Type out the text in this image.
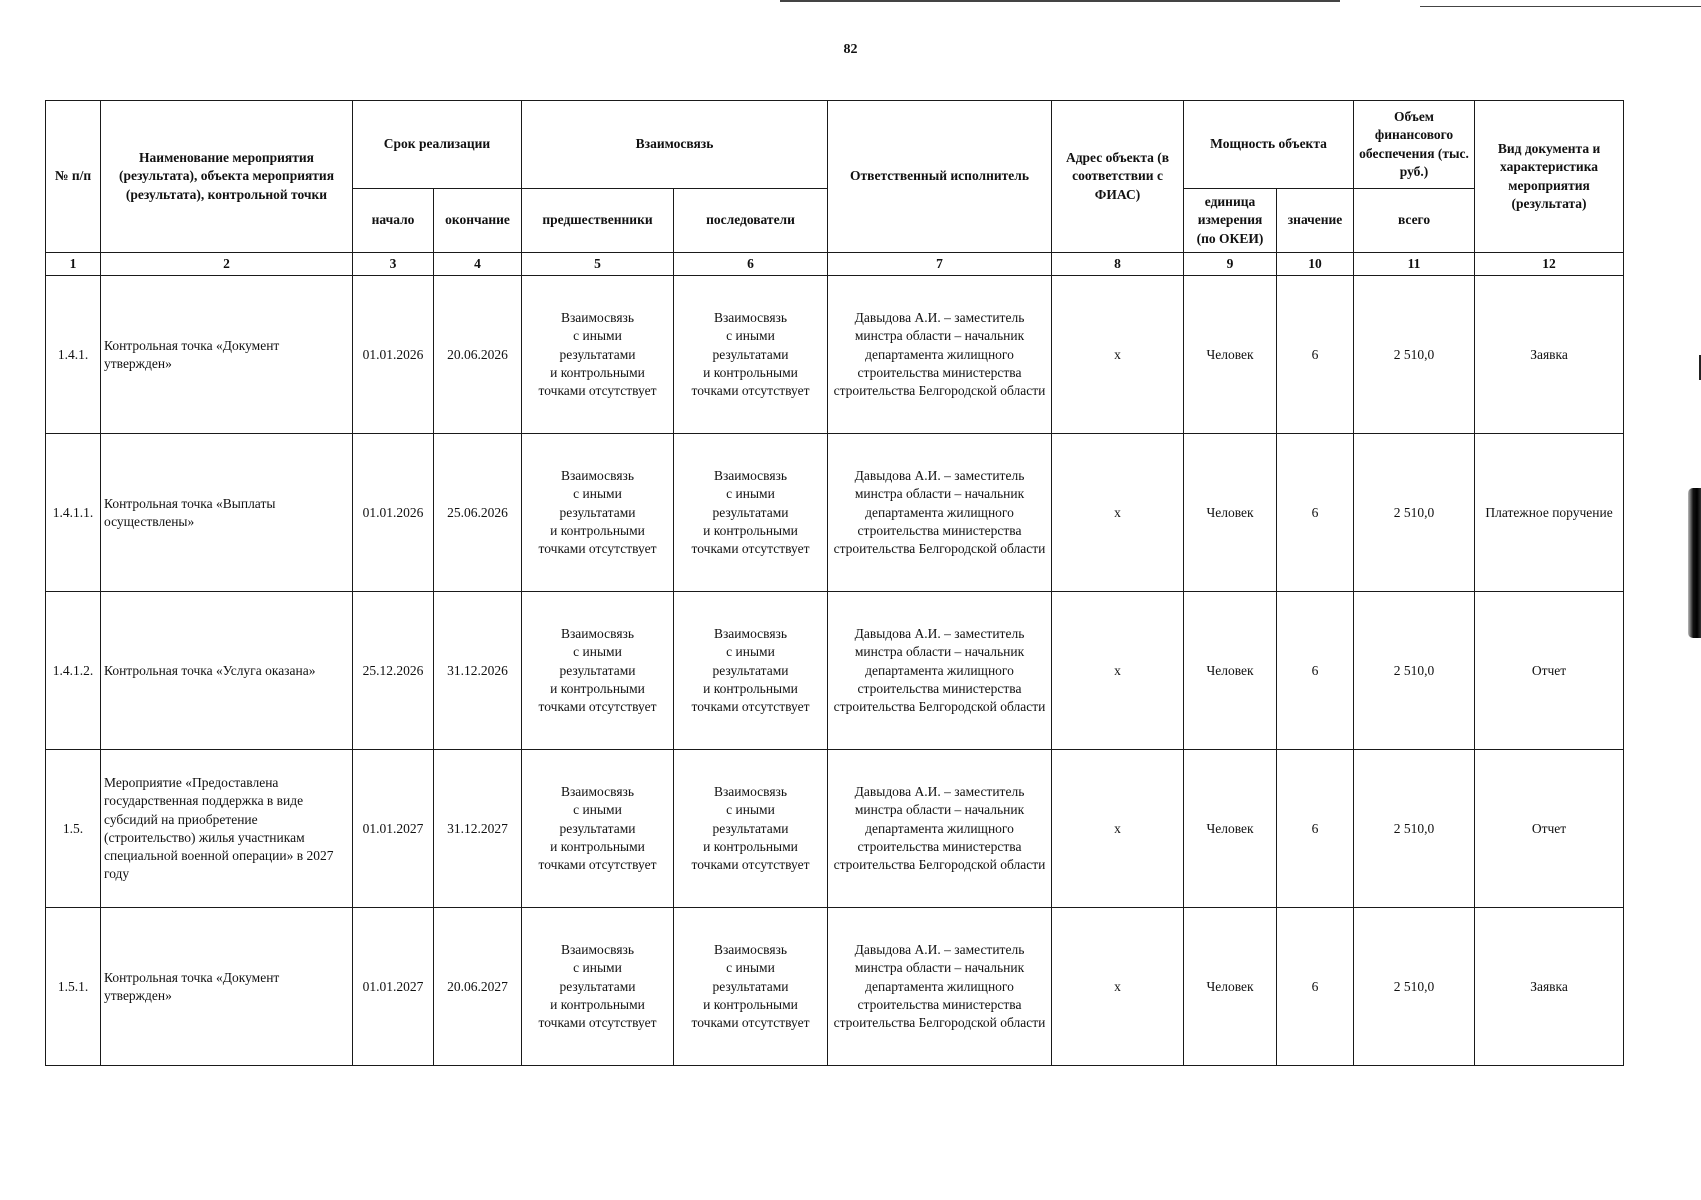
82
№ п/п	Наименование мероприятия (результата), объекта мероприятия (результата), контрольной точки	Срок реализации		Взаимосвязь		Ответственный исполнитель	Адрес объекта (в соответствии с ФИАС)	Мощность объекта		Объем финансового обеспечения (тыс. руб.)	Вид документа и характеристика мероприятия (результата)
		начало	окончание	предшественники	последователи			единица измерения (по ОКЕИ)	значение	всего	
1	2	3	4	5	6	7	8	9	10	11	12
1.4.1.	Контрольная точка «Документ утвержден»	01.01.2026	20.06.2026	Взаимосвязь
с иными
результатами
и контрольными
точками отсутствует	Взаимосвязь
с иными
результатами
и контрольными
точками отсутствует	Давыдова А.И. – заместитель минстра области – начальник департамента жилищного строительства министерства строительства Белгородской области	х	Человек	6	2 510,0	Заявка
1.4.1.1.	Контрольная точка «Выплаты осуществлены»	01.01.2026	25.06.2026	Взаимосвязь
с иными
результатами
и контрольными
точками отсутствует	Взаимосвязь
с иными
результатами
и контрольными
точками отсутствует	Давыдова А.И. – заместитель минстра области – начальник департамента жилищного строительства министерства строительства Белгородской области	х	Человек	6	2 510,0	Платежное поручение
1.4.1.2.	Контрольная точка «Услуга оказана»	25.12.2026	31.12.2026	Взаимосвязь
с иными
результатами
и контрольными
точками отсутствует	Взаимосвязь
с иными
результатами
и контрольными
точками отсутствует	Давыдова А.И. – заместитель минстра области – начальник департамента жилищного строительства министерства строительства Белгородской области	х	Человек	6	2 510,0	Отчет
1.5.	Мероприятие «Предоставлена государственная поддержка в виде субсидий на приобретение (строительство) жилья участникам специальной военной операции» в 2027 году	01.01.2027	31.12.2027	Взаимосвязь
с иными
результатами
и контрольными
точками отсутствует	Взаимосвязь
с иными
результатами
и контрольными
точками отсутствует	Давыдова А.И. – заместитель минстра области – начальник департамента жилищного строительства министерства строительства Белгородской области	х	Человек	6	2 510,0	Отчет
1.5.1.	Контрольная точка «Документ утвержден»	01.01.2027	20.06.2027	Взаимосвязь
с иными
результатами
и контрольными
точками отсутствует	Взаимосвязь
с иными
результатами
и контрольными
точками отсутствует	Давыдова А.И. – заместитель минстра области – начальник департамента жилищного строительства министерства строительства Белгородской области	х	Человек	6	2 510,0	Заявка
